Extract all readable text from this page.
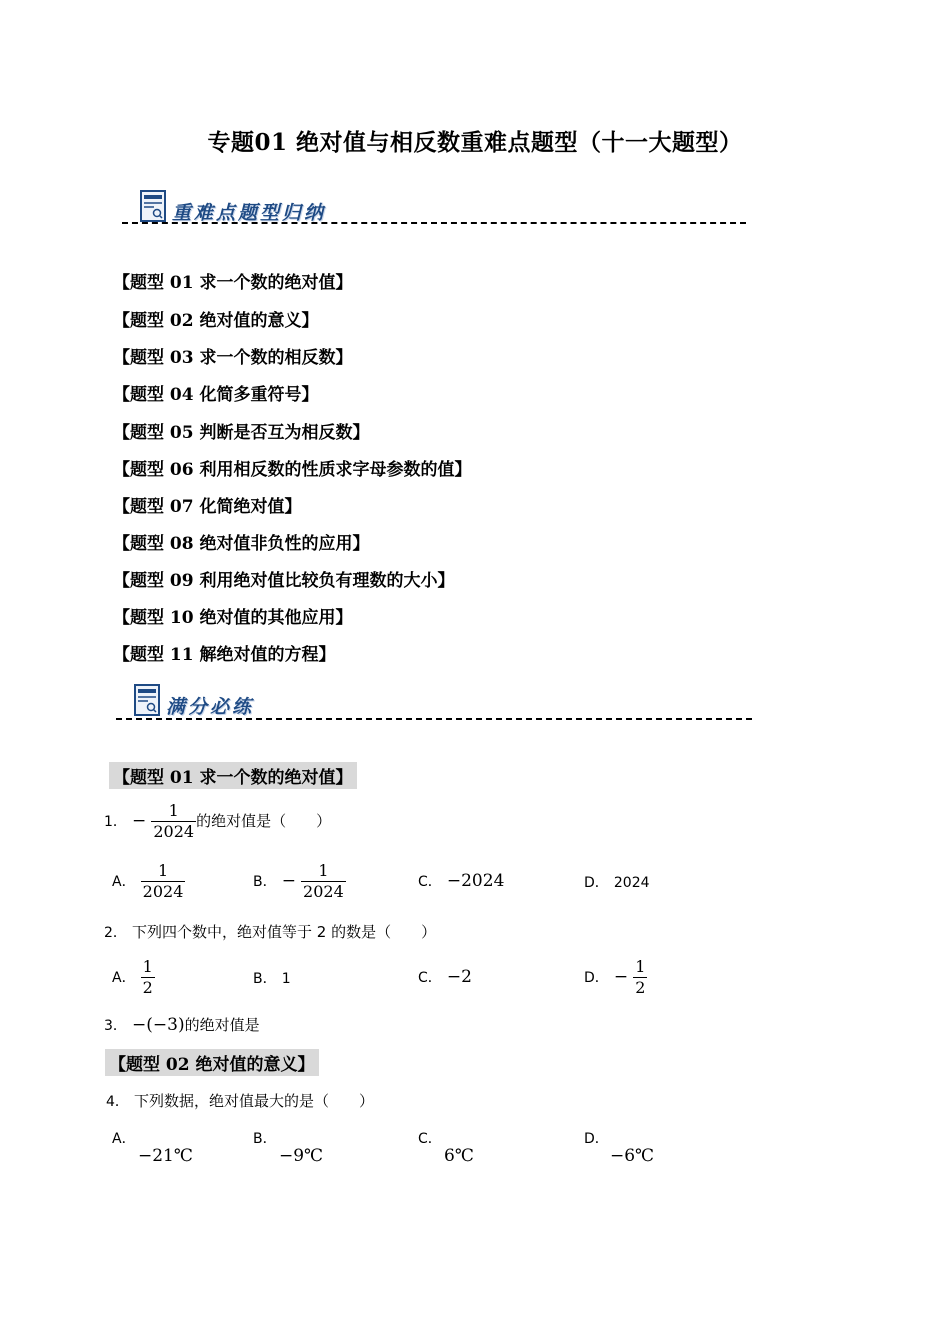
专题01 绝对值与相反数重难点题型（十一大题型）
重难点题型归纳
【题型 01 求一个数的绝对值】
【题型 02 绝对值的意义】
【题型 03 求一个数的相反数】
【题型 04 化简多重符号】
【题型 05 判断是否互为相反数】
【题型 06 利用相反数的性质求字母参数的值】
【题型 07 化简绝对值】
【题型 08 绝对值非负性的应用】
【题型 09 利用绝对值比较负有理数的大小】
【题型 10 绝对值的其他应用】
【题型 11 解绝对值的方程】
满分必练
【题型 01 求一个数的绝对值】
1． − $\frac{1}{2024}$ 的绝对值是（　　）
A． $\frac{1}{2024}$	B． − $\frac{1}{2024}$	C． −2024	D． 2024
2． 下列四个数中，绝对值等于 2 的数是（　　）
A． $\frac{1}{2}$	B． 1	C． −2	D． − $\frac{1}{2}$
3． −(−3)的绝对值是
【题型 02 绝对值的意义】
4． 下列数据，绝对值最大的是（　　）
A．
−21℃
B．
−9℃
C．
6℃
D．
−6℃
